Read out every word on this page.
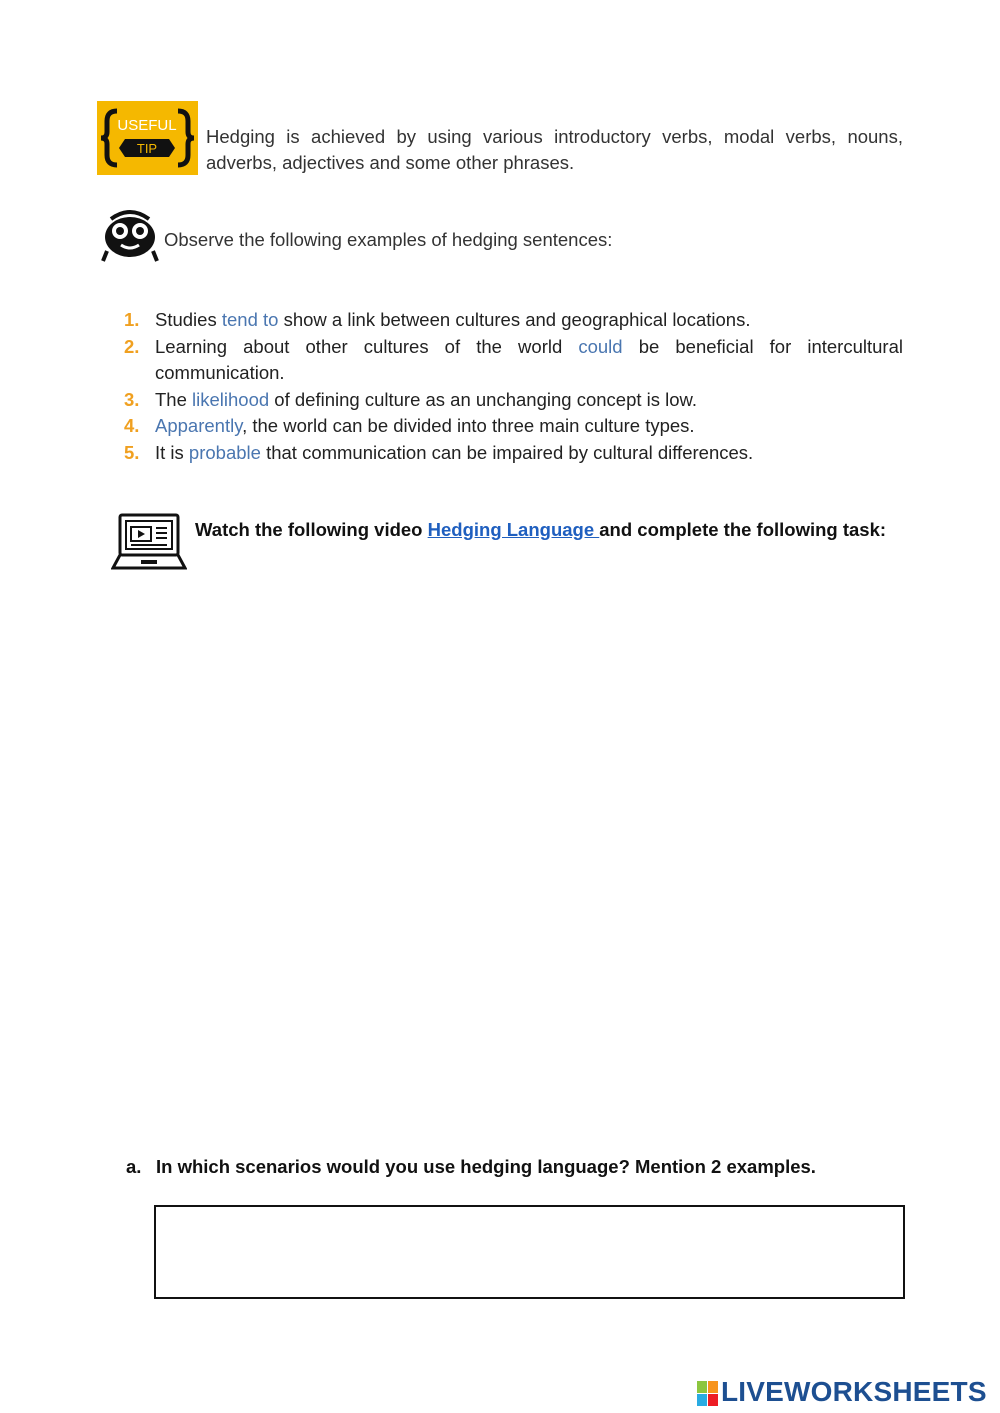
USEFUL
TIP
Hedging is achieved by using various introductory verbs, modal verbs, nouns, adverbs, adjectives and some other phrases.
Observe the following examples of hedging sentences:
1. Studies tend to show a link between cultures and geographical locations.
2. Learning about other cultures of the world could be beneficial for intercultural communication.
3. The likelihood of defining culture as an unchanging concept is low.
4. Apparently, the world can be divided into three main culture types.
5. It is probable that communication can be impaired by cultural differences.
Watch the following video Hedging Language and complete the following task:
a. In which scenarios would you use hedging language? Mention 2 examples.
LIVEWORKSHEETS
